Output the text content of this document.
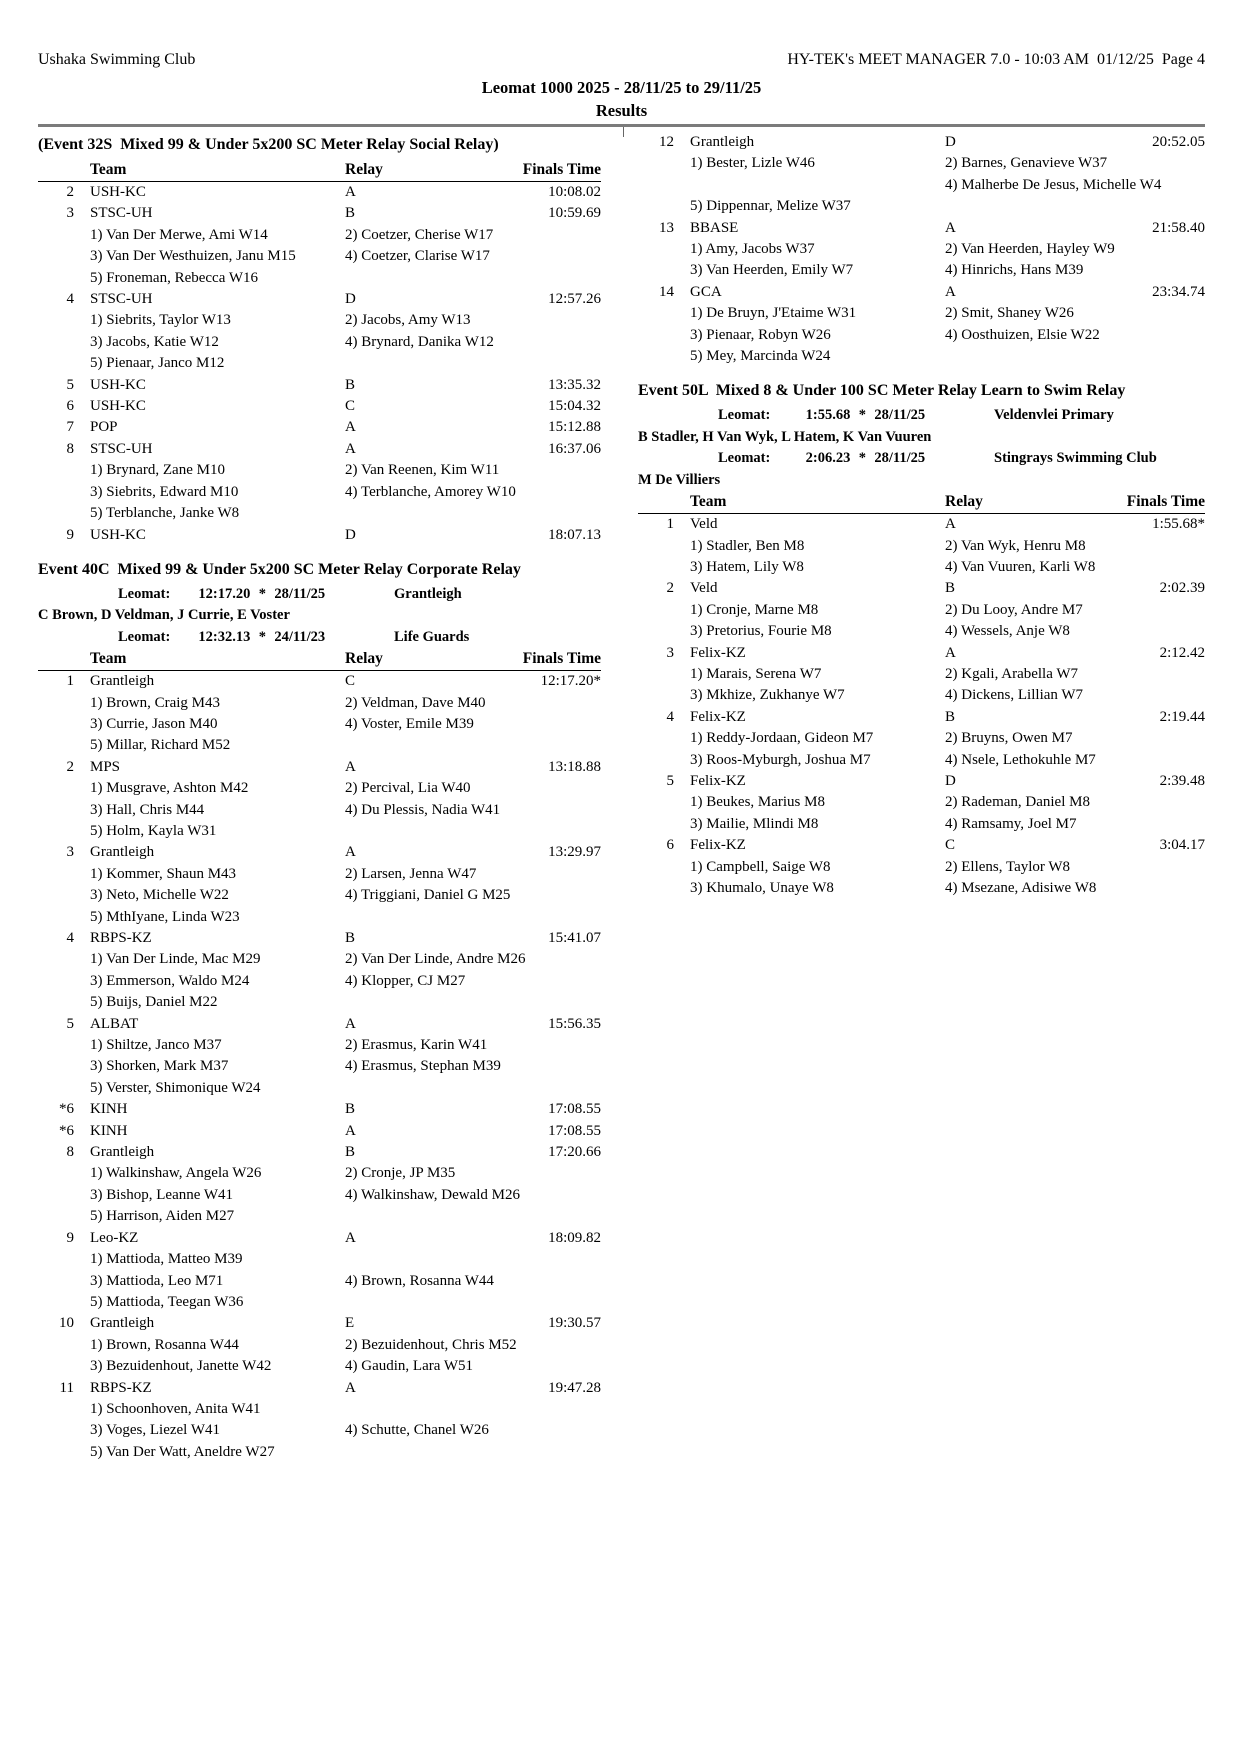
Ushaka Swimming Club	HY-TEK's MEET MANAGER 7.0 - 10:03 AM  01/12/25  Page 4
Leomat 1000 2025 - 28/11/25 to 29/11/25
Results
(Event 32S  Mixed 99 & Under 5x200 SC Meter Relay Social Relay)
Team	Relay	Finals Time
2	USH-KC	A	10:08.02
3	STSC-UH	B	10:59.69
1) Van Der Merwe, Ami W14	2) Coetzer, Cherise W17
3) Van Der Westhuizen, Janu M15	4) Coetzer, Clarise W17
5) Froneman, Rebecca W16
4	STSC-UH	D	12:57.26
1) Siebrits, Taylor W13	2) Jacobs, Amy W13
3) Jacobs, Katie W12	4) Brynard, Danika W12
5) Pienaar, Janco M12
5	USH-KC	B	13:35.32
6	USH-KC	C	15:04.32
7	POP	A	15:12.88
8	STSC-UH	A	16:37.06
1) Brynard, Zane M10	2) Van Reenen, Kim W11
3) Siebrits, Edward M10	4) Terblanche, Amorey W10
5) Terblanche, Janke W8
9	USH-KC	D	18:07.13
Event 40C  Mixed 99 & Under 5x200 SC Meter Relay Corporate Relay
Leomat: 12:17.20 * 28/11/25	Grantleigh
C Brown, D Veldman, J Currie, E Voster
Leomat: 12:32.13 * 24/11/23	Life Guards
Team	Relay	Finals Time
1	Grantleigh	C	12:17.20*
1) Brown, Craig M43	2) Veldman, Dave M40
3) Currie, Jason M40	4) Voster, Emile M39
5) Millar, Richard M52
2	MPS	A	13:18.88
1) Musgrave, Ashton M42	2) Percival, Lia W40
3) Hall, Chris M44	4) Du Plessis, Nadia W41
5) Holm, Kayla W31
3	Grantleigh	A	13:29.97
1) Kommer, Shaun M43	2) Larsen, Jenna W47
3) Neto, Michelle W22	4) Triggiani, Daniel G M25
5) MthIyane, Linda W23
4	RBPS-KZ	B	15:41.07
1) Van Der Linde, Mac M29	2) Van Der Linde, Andre M26
3) Emmerson, Waldo M24	4) Klopper, CJ M27
5) Buijs, Daniel M22
5	ALBAT	A	15:56.35
1) Shiltze, Janco M37	2) Erasmus, Karin W41
3) Shorken, Mark M37	4) Erasmus, Stephan M39
5) Verster, Shimonique W24
*6	KINH	B	17:08.55
*6	KINH	A	17:08.55
8	Grantleigh	B	17:20.66
1) Walkinshaw, Angela W26	2) Cronje, JP M35
3) Bishop, Leanne W41	4) Walkinshaw, Dewald M26
5) Harrison, Aiden M27
9	Leo-KZ	A	18:09.82
1) Mattioda, Matteo M39
3) Mattioda, Leo M71	4) Brown, Rosanna W44
5) Mattioda, Teegan W36
10	Grantleigh	E	19:30.57
1) Brown, Rosanna W44	2) Bezuidenhout, Chris M52
3) Bezuidenhout, Janette W42	4) Gaudin, Lara W51
11	RBPS-KZ	A	19:47.28
1) Schoonhoven, Anita W41
3) Voges, Liezel W41	4) Schutte, Chanel W26
5) Van Der Watt, Aneldre W27
12	Grantleigh	D	20:52.05
1) Bester, Lizle W46	2) Barnes, Genavieve W37
4) Malherbe De Jesus, Michelle W4
5) Dippennar, Melize W37
13	BBASE	A	21:58.40
1) Amy, Jacobs W37	2) Van Heerden, Hayley W9
3) Van Heerden, Emily W7	4) Hinrichs, Hans M39
14	GCA	A	23:34.74
1) De Bruyn, J'Etaime W31	2) Smit, Shaney W26
3) Pienaar, Robyn W26	4) Oosthuizen, Elsie W22
5) Mey, Marcinda W24
Event 50L  Mixed 8 & Under 100 SC Meter Relay Learn to Swim Relay
Leomat: 1:55.68 * 28/11/25	Veldenvlei Primary
B Stadler, H Van Wyk, L Hatem, K Van Vuuren
Leomat: 2:06.23 * 28/11/25	Stingrays Swimming Club
M De Villiers
Team	Relay	Finals Time
1	Veld	A	1:55.68*
1) Stadler, Ben M8	2) Van Wyk, Henru M8
3) Hatem, Lily W8	4) Van Vuuren, Karli W8
2	Veld	B	2:02.39
1) Cronje, Marne M8	2) Du Looy, Andre M7
3) Pretorius, Fourie M8	4) Wessels, Anje W8
3	Felix-KZ	A	2:12.42
1) Marais, Serena W7	2) Kgali, Arabella W7
3) Mkhize, Zukhanye W7	4) Dickens, Lillian W7
4	Felix-KZ	B	2:19.44
1) Reddy-Jordaan, Gideon M7	2) Bruyns, Owen M7
3) Roos-Myburgh, Joshua M7	4) Nsele, Lethokuhle M7
5	Felix-KZ	D	2:39.48
1) Beukes, Marius M8	2) Rademan, Daniel M8
3) Mailie, Mlindi M8	4) Ramsamy, Joel M7
6	Felix-KZ	C	3:04.17
1) Campbell, Saige W8	2) Ellens, Taylor W8
3) Khumalo, Unaye W8	4) Msezane, Adisiwe W8
